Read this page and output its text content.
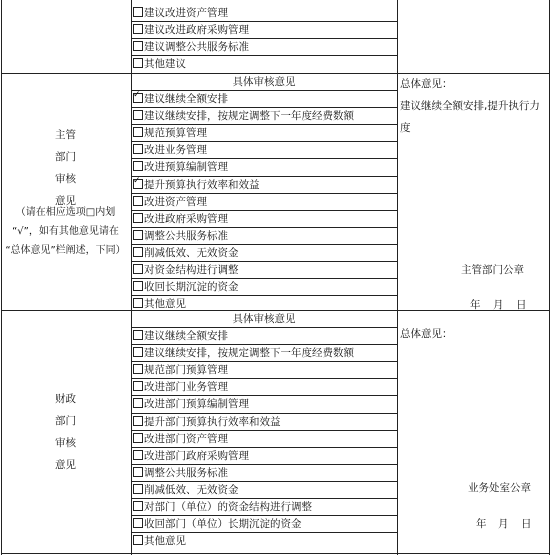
建议改进资产管理
建议改进政府采购管理
建议调整公共服务标准
其他建议
具体审核意见
✓建议继续全额安排
建议继续安排，按规定调整下一年度经费数额
规范预算管理
改进业务管理
改进预算编制管理
✓提升预算执行效率和效益
改进资产管理
改进政府采购管理
调整公共服务标准
削减低效、无效资金
对资金结构进行调整
收回长期沉淀的资金
其他意见
主管
部门
审核
意见
（请在相应选项□内划
“√”，如有其他意见请在
“总体意见”栏阐述，下同）
总体意见：
建议继续全额安排,提升执行力
度
主管部门公章
年 月 日
具体审核意见
建议继续全额安排
建议继续安排，按规定调整下一年度经费数额
规范部门预算管理
改进部门业务管理
改进部门预算编制管理
提升部门预算执行效率和效益
改进部门资产管理
改进部门政府采购管理
调整公共服务标准
削减低效、无效资金
对部门（单位）的资金结构进行调整
收回部门（单位）长期沉淀的资金
其他意见
财政
部门
审核
意见
总体意见：
业务处室公章
年 月 日
